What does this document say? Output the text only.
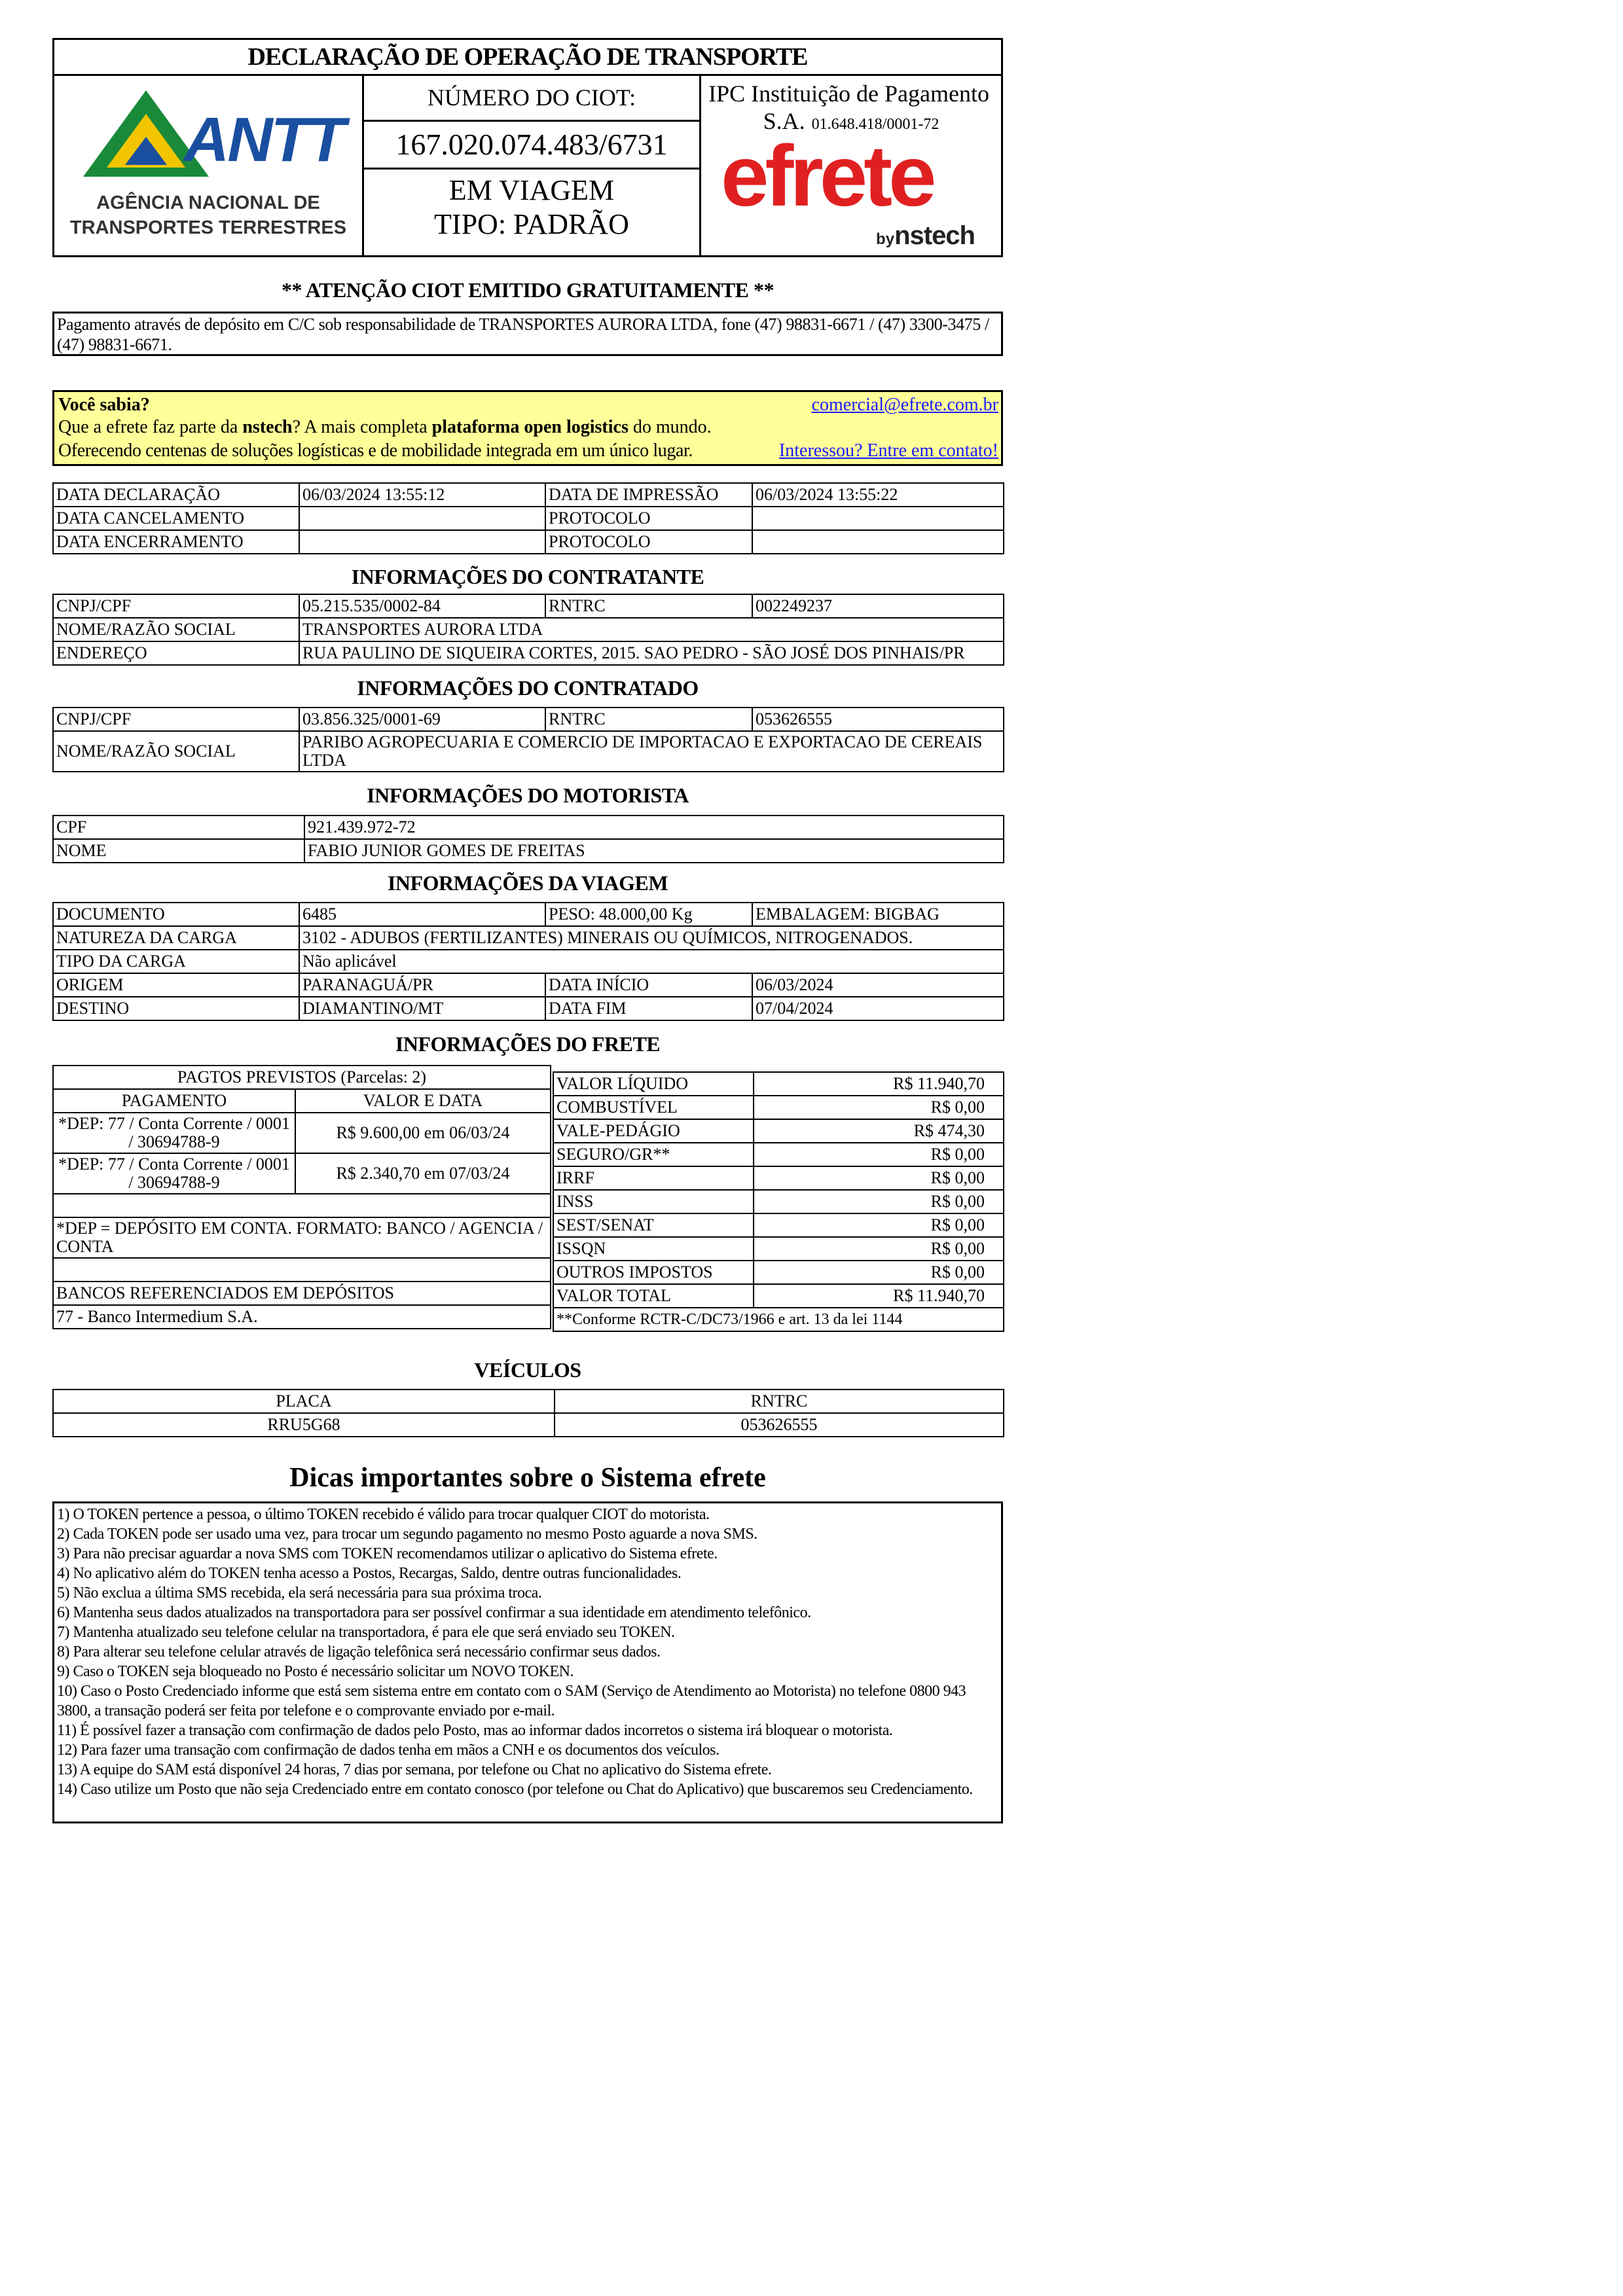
DECLARAÇÃO DE OPERAÇÃO DE TRANSPORTE
ANTT
AGÊNCIA NACIONAL DE
TRANSPORTES TERRESTRES
NÚMERO DO CIOT:
167.020.074.483/6731
EM VIAGEM
TIPO: PADRÃO
IPC Instituição de Pagamento
S.A. 01.648.418/0001-72
efrete
bynstech
** ATENÇÃO CIOT EMITIDO GRATUITAMENTE **
Pagamento através de depósito em C/C sob responsabilidade de TRANSPORTES AURORA LTDA, fone (47) 98831-6671 / (47) 3300-3475 / (47) 98831-6671.
Você sabia?	comercial@efrete.com.br
Que a efrete faz parte da nstech? A mais completa plataforma open logistics do mundo.
Oferecendo centenas de soluções logísticas e de mobilidade integrada em um único lugar.	Interessou? Entre em contato!
DATA DECLARAÇÃO	06/03/2024 13:55:12	DATA DE IMPRESSÃO	06/03/2024 13:55:22
DATA CANCELAMENTO		PROTOCOLO	
DATA ENCERRAMENTO		PROTOCOLO	
INFORMAÇÕES DO CONTRATANTE
CNPJ/CPF	05.215.535/0002-84	RNTRC	002249237
NOME/RAZÃO SOCIAL	TRANSPORTES AURORA LTDA		
ENDEREÇO	RUA PAULINO DE SIQUEIRA CORTES, 2015. SAO PEDRO - SÃO JOSÉ DOS PINHAIS/PR		
INFORMAÇÕES DO CONTRATADO
CNPJ/CPF	03.856.325/0001-69	RNTRC	053626555
NOME/RAZÃO SOCIAL	PARIBO AGROPECUARIA E COMERCIO DE IMPORTACAO E EXPORTACAO DE CEREAIS LTDA		
INFORMAÇÕES DO MOTORISTA
CPF	921.439.972-72
NOME	FABIO JUNIOR GOMES DE FREITAS
INFORMAÇÕES DA VIAGEM
DOCUMENTO	6485	PESO: 48.000,00 Kg	EMBALAGEM: BIGBAG
NATUREZA DA CARGA	3102 - ADUBOS (FERTILIZANTES) MINERAIS OU QUÍMICOS, NITROGENADOS.		
TIPO DA CARGA	Não aplicável		
ORIGEM	PARANAGUÁ/PR	DATA INÍCIO	06/03/2024
DESTINO	DIAMANTINO/MT	DATA FIM	07/04/2024
INFORMAÇÕES DO FRETE
PAGTOS PREVISTOS (Parcelas: 2)	
PAGAMENTO	VALOR E DATA
*DEP: 77 / Conta Corrente / 0001 / 30694788-9	R$ 9.600,00 em 06/03/24
*DEP: 77 / Conta Corrente / 0001 / 30694788-9	R$ 2.340,70 em 07/03/24

*DEP = DEPÓSITO EM CONTA. FORMATO: BANCO / AGENCIA / CONTA	

BANCOS REFERENCIADOS EM DEPÓSITOS	
77 - Banco Intermedium S.A.	
VALOR LÍQUIDO	R$ 11.940,70
COMBUSTÍVEL	R$ 0,00
VALE-PEDÁGIO	R$ 474,30
SEGURO/GR**	R$ 0,00
IRRF	R$ 0,00
INSS	R$ 0,00
SEST/SENAT	R$ 0,00
ISSQN	R$ 0,00
OUTROS IMPOSTOS	R$ 0,00
VALOR TOTAL	R$ 11.940,70
**Conforme RCTR-C/DC73/1966 e art. 13 da lei 1144	
VEÍCULOS
PLACA	RNTRC
RRU5G68	053626555
Dicas importantes sobre o Sistema efrete
1) O TOKEN pertence a pessoa, o último TOKEN recebido é válido para trocar qualquer CIOT do motorista.
2) Cada TOKEN pode ser usado uma vez, para trocar um segundo pagamento no mesmo Posto aguarde a nova SMS.
3) Para não precisar aguardar a nova SMS com TOKEN recomendamos utilizar o aplicativo do Sistema efrete.
4) No aplicativo além do TOKEN tenha acesso a Postos, Recargas, Saldo, dentre outras funcionalidades.
5) Não exclua a última SMS recebida, ela será necessária para sua próxima troca.
6) Mantenha seus dados atualizados na transportadora para ser possível confirmar a sua identidade em atendimento telefônico.
7) Mantenha atualizado seu telefone celular na transportadora, é para ele que será enviado seu TOKEN.
8) Para alterar seu telefone celular através de ligação telefônica será necessário confirmar seus dados.
9) Caso o TOKEN seja bloqueado no Posto é necessário solicitar um NOVO TOKEN.
10) Caso o Posto Credenciado informe que está sem sistema entre em contato com o SAM (Serviço de Atendimento ao Motorista) no telefone 0800 943 3800, a transação poderá ser feita por telefone e o comprovante enviado por e-mail.
11) É possível fazer a transação com confirmação de dados pelo Posto, mas ao informar dados incorretos o sistema irá bloquear o motorista.
12) Para fazer uma transação com confirmação de dados tenha em mãos a CNH e os documentos dos veículos.
13) A equipe do SAM está disponível 24 horas, 7 dias por semana, por telefone ou Chat no aplicativo do Sistema efrete.
14) Caso utilize um Posto que não seja Credenciado entre em contato conosco (por telefone ou Chat do Aplicativo) que buscaremos seu Credenciamento.
